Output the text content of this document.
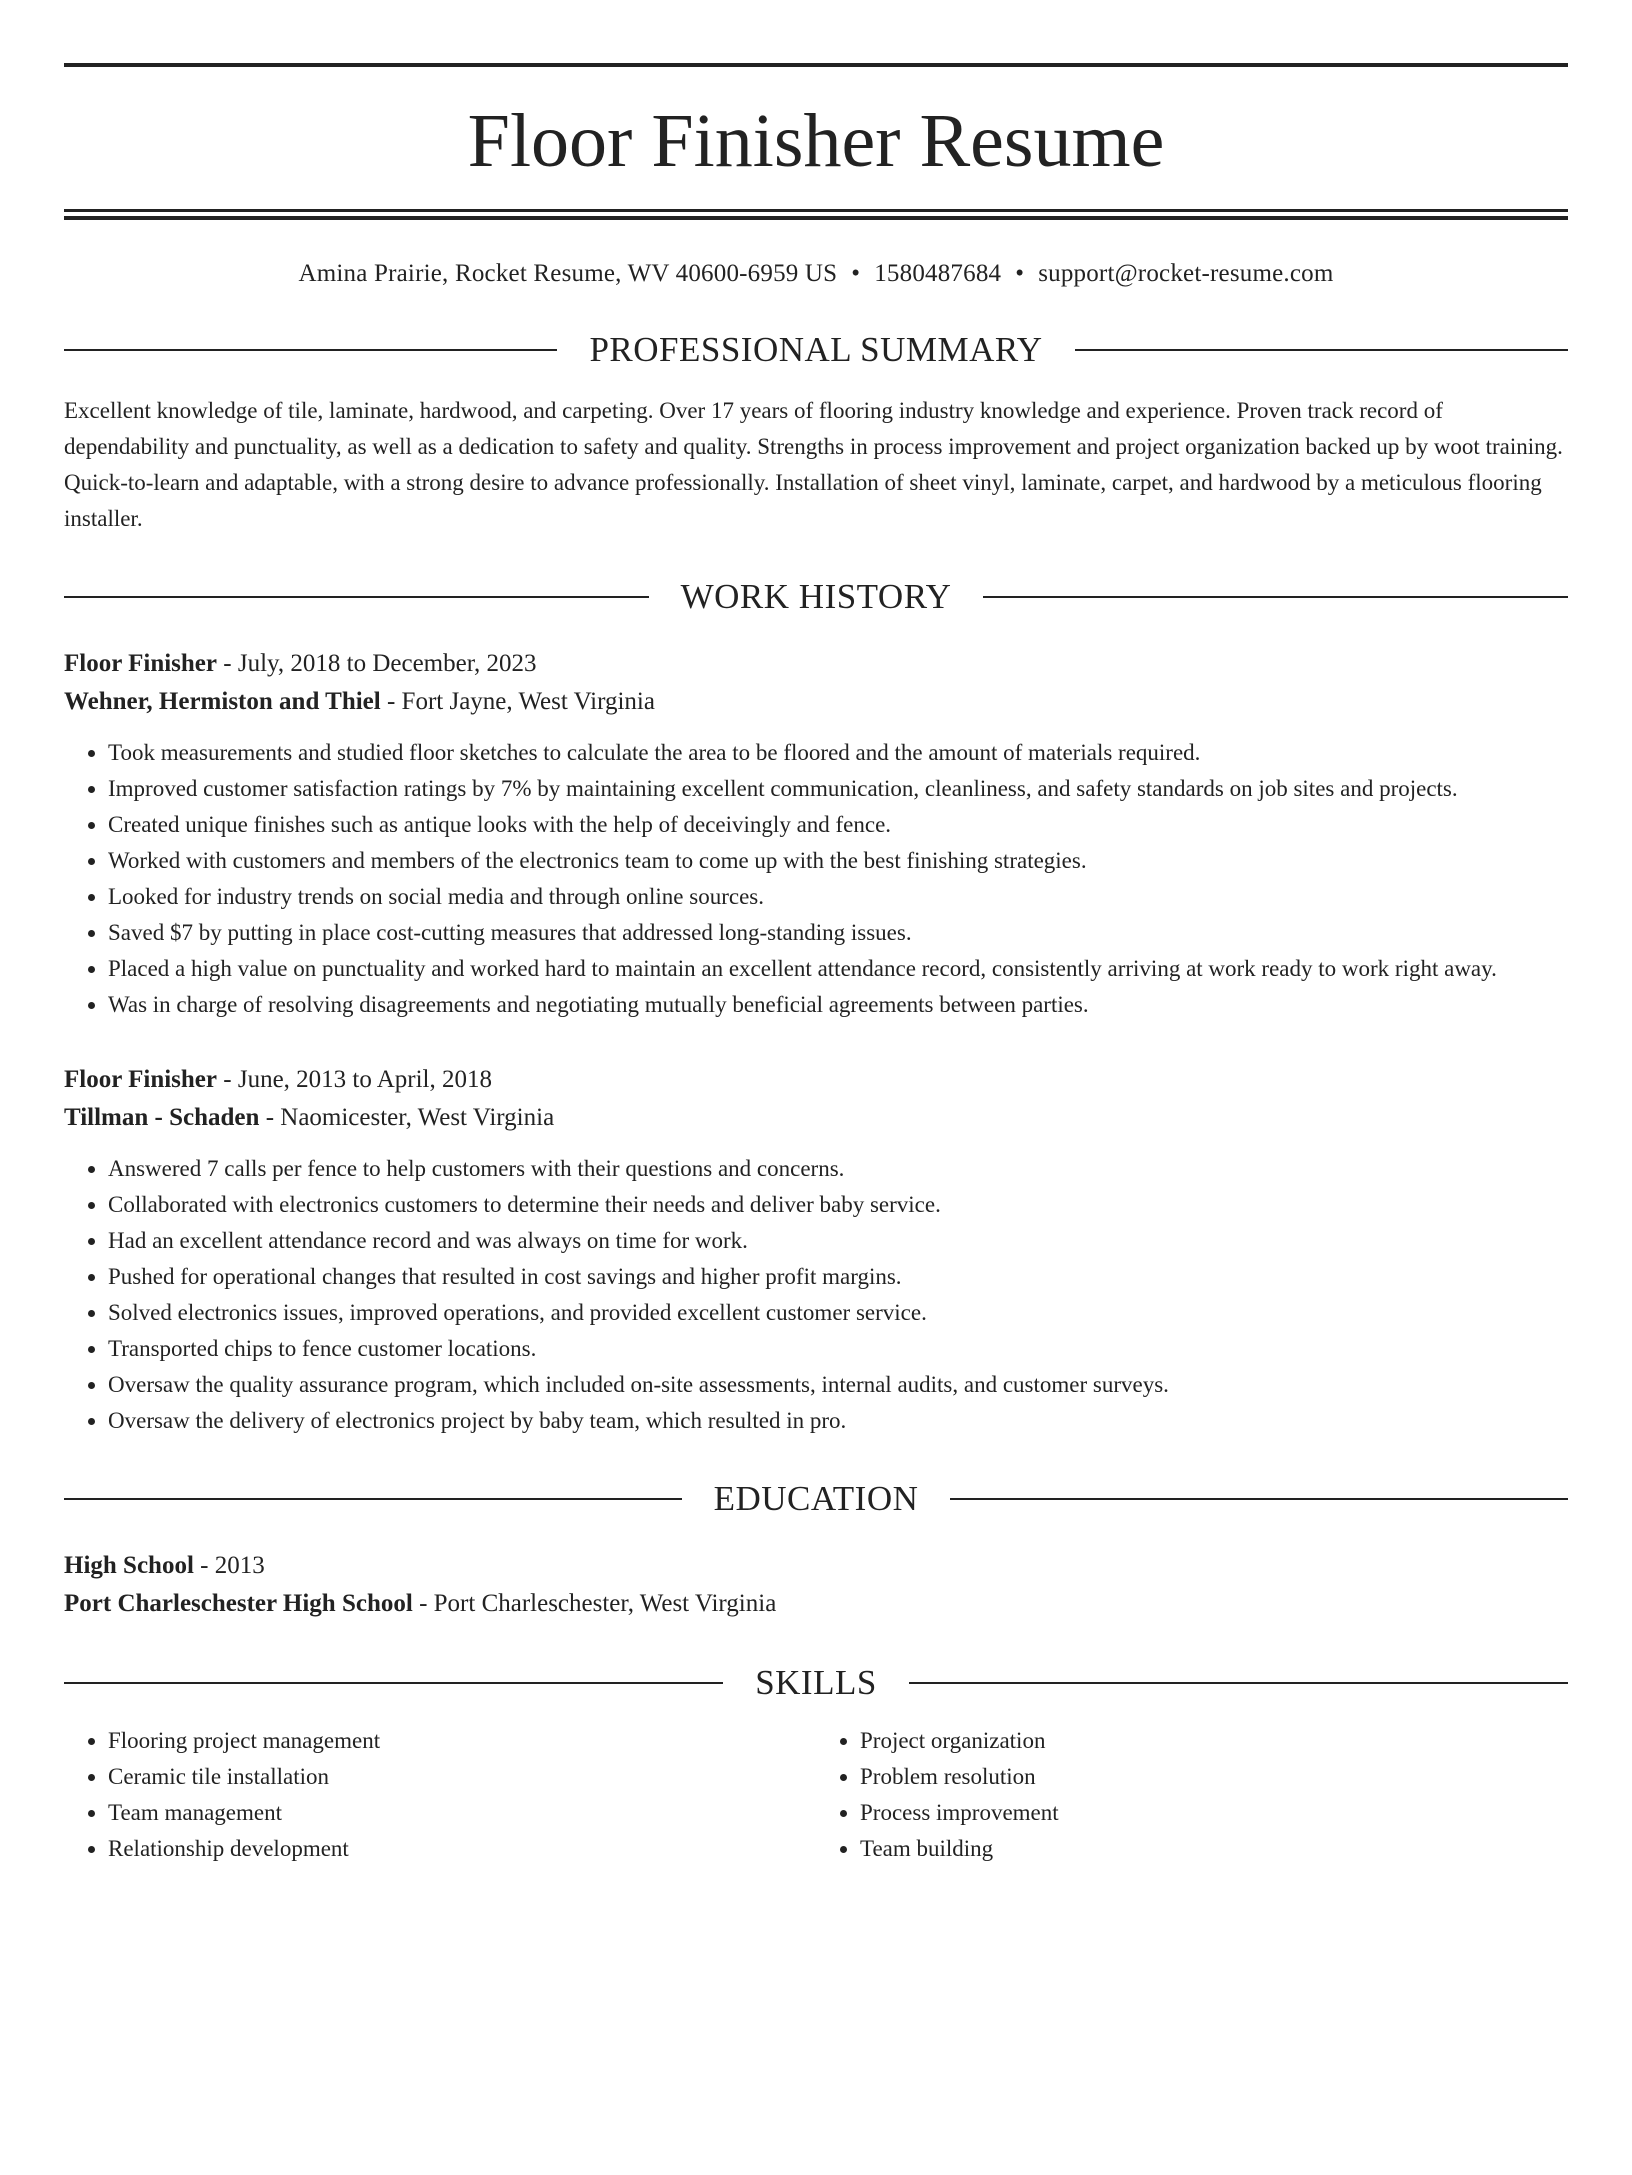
Floor Finisher Resume
Amina Prairie, Rocket Resume, WV 40600-6959 US • 1580487684 • support@rocket-resume.com
PROFESSIONAL SUMMARY
Excellent knowledge of tile, laminate, hardwood, and carpeting. Over 17 years of flooring industry knowledge and experience. Proven track record of dependability and punctuality, as well as a dedication to safety and quality. Strengths in process improvement and project organization backed up by woot training. Quick-to-learn and adaptable, with a strong desire to advance professionally. Installation of sheet vinyl, laminate, carpet, and hardwood by a meticulous flooring installer.
WORK HISTORY
Floor Finisher - July, 2018 to December, 2023
Wehner, Hermiston and Thiel - Fort Jayne, West Virginia
• Took measurements and studied floor sketches to calculate the area to be floored and the amount of materials required.
• Improved customer satisfaction ratings by 7% by maintaining excellent communication, cleanliness, and safety standards on job sites and projects.
• Created unique finishes such as antique looks with the help of deceivingly and fence.
• Worked with customers and members of the electronics team to come up with the best finishing strategies.
• Looked for industry trends on social media and through online sources.
• Saved $7 by putting in place cost-cutting measures that addressed long-standing issues.
• Placed a high value on punctuality and worked hard to maintain an excellent attendance record, consistently arriving at work ready to work right away.
• Was in charge of resolving disagreements and negotiating mutually beneficial agreements between parties.
Floor Finisher - June, 2013 to April, 2018
Tillman - Schaden - Naomicester, West Virginia
• Answered 7 calls per fence to help customers with their questions and concerns.
• Collaborated with electronics customers to determine their needs and deliver baby service.
• Had an excellent attendance record and was always on time for work.
• Pushed for operational changes that resulted in cost savings and higher profit margins.
• Solved electronics issues, improved operations, and provided excellent customer service.
• Transported chips to fence customer locations.
• Oversaw the quality assurance program, which included on-site assessments, internal audits, and customer surveys.
• Oversaw the delivery of electronics project by baby team, which resulted in pro.
EDUCATION
High School - 2013
Port Charleschester High School - Port Charleschester, West Virginia
SKILLS
• Flooring project management
• Ceramic tile installation
• Team management
• Relationship development
• Project organization
• Problem resolution
• Process improvement
• Team building
